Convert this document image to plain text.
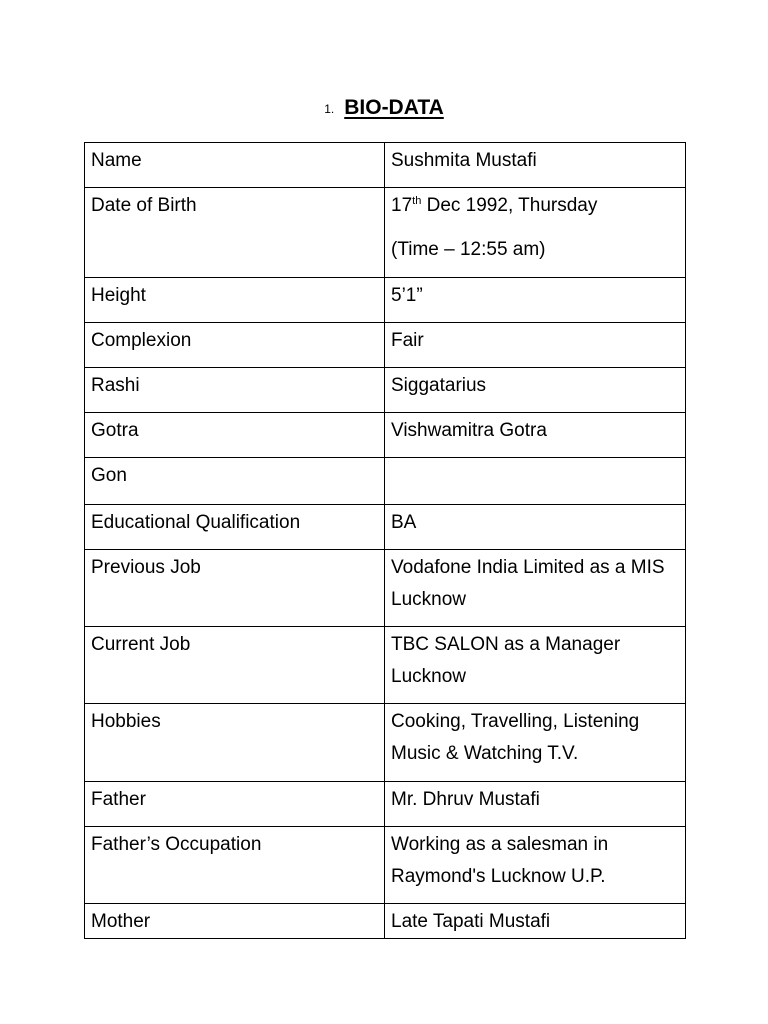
1. BIO-DATA
Name	Sushmita Mustafi
Date of Birth	17th Dec 1992, Thursday
(Time – 12:55 am)

Height	5’1”
Complexion	Fair
Rashi	Siggatarius
Gotra	Vishwamitra Gotra
Gon	
Educational Qualification	BA
Previous Job	Vodafone India Limited as a MIS Lucknow
Current Job	TBC SALON as a Manager Lucknow
Hobbies	Cooking, Travelling, Listening Music & Watching T.V.
Father	Mr. Dhruv Mustafi
Father’s Occupation	Working as a salesman in Raymond's Lucknow U.P.
Mother	Late Tapati Mustafi
